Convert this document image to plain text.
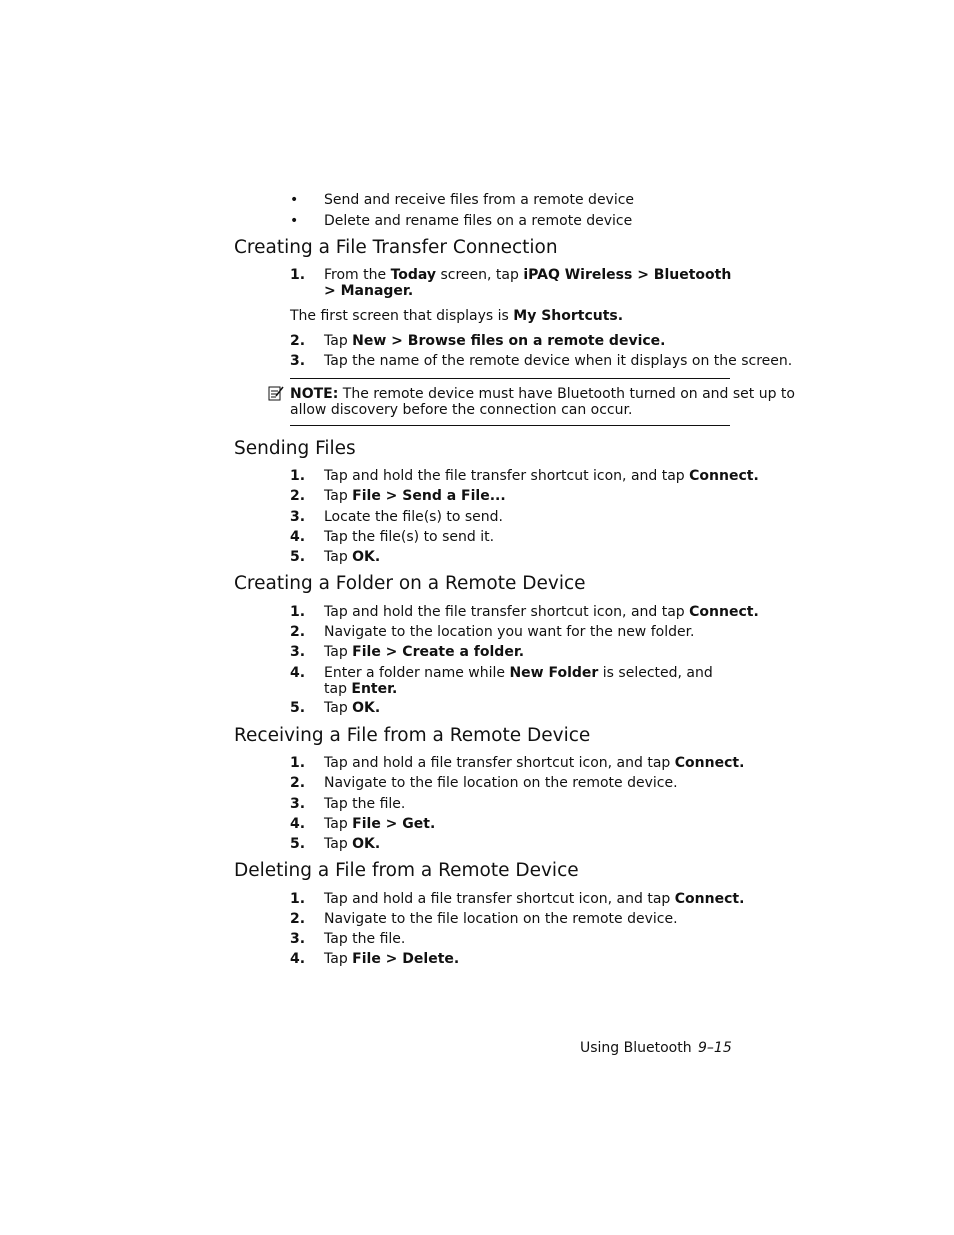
• Send and receive files from a remote device
• Delete and rename files on a remote device
Creating a File Transfer Connection
1. From the Today screen, tap iPAQ Wireless > Bluetooth
> Manager.
The first screen that displays is My Shortcuts.
2. Tap New > Browse files on a remote device.
3. Tap the name of the remote device when it displays on the screen.
NOTE: The remote device must have Bluetooth turned on and set up to
allow discovery before the connection can occur.
Sending Files
1. Tap and hold the file transfer shortcut icon, and tap Connect.
2. Tap File > Send a File...
3. Locate the file(s) to send.
4. Tap the file(s) to send it.
5. Tap OK.
Creating a Folder on a Remote Device
1. Tap and hold the file transfer shortcut icon, and tap Connect.
2. Navigate to the location you want for the new folder.
3. Tap File > Create a folder.
4. Enter a folder name while New Folder is selected, and
tap Enter.
5. Tap OK.
Receiving a File from a Remote Device
1. Tap and hold a file transfer shortcut icon, and tap Connect.
2. Navigate to the file location on the remote device.
3. Tap the file.
4. Tap File > Get.
5. Tap OK.
Deleting a File from a Remote Device
1. Tap and hold a file transfer shortcut icon, and tap Connect.
2. Navigate to the file location on the remote device.
3. Tap the file.
4. Tap File > Delete.
Using Bluetooth 9–15
